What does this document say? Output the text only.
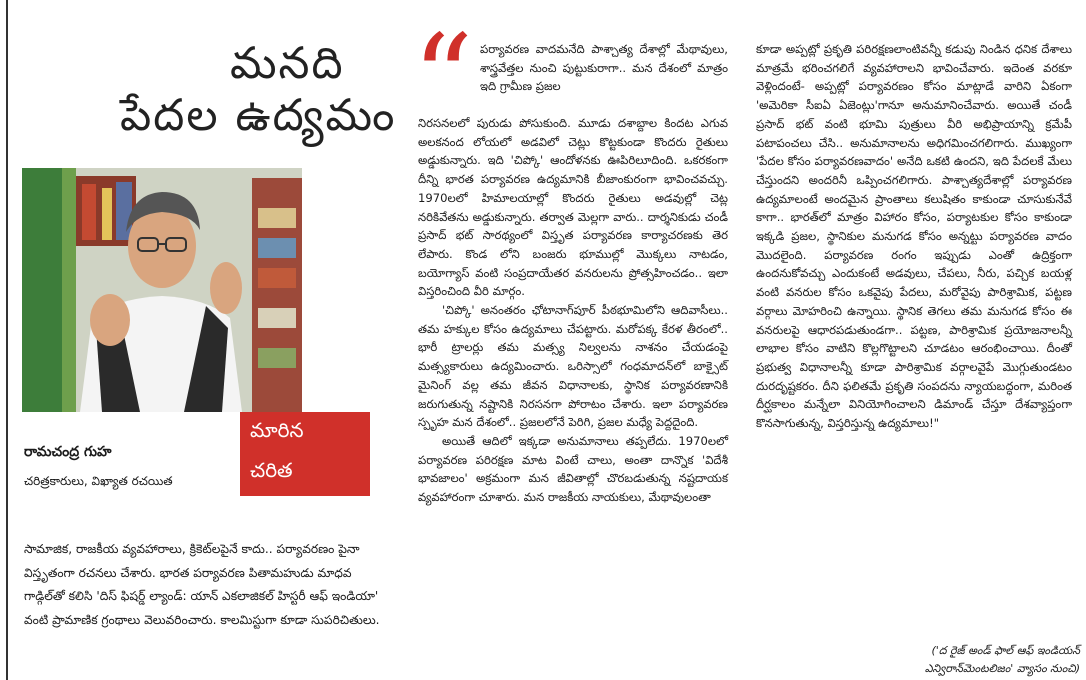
మనది
పేదల ఉద్యమం
మారిన
చరిత
రామచంద్ర గుహ
చరిత్రకారులు, విఖ్యాత రచయిత
సామాజిక, రాజకీయ వ్యవహారాలు, క్రికెట్‌లపైనే కాదు.. పర్యావరణం పైనా విస్తృతంగా రచనలు చేశారు. భారత పర్యావరణ పితామహుడు మాధవ గాడ్గిల్‌తో కలిసి 'దిస్ ఫిషర్డ్ ల్యాండ్: యాన్ ఎకలాజికల్ హిస్టరీ ఆఫ్ ఇండియా' వంటి ప్రామాణిక గ్రంథాలు వెలువరించారు. కాలమిస్టుగా కూడా సుపరిచితులు.
“ పర్యావరణ వాదమనేది పాశ్చాత్య దేశాల్లో మేథావులు, శాస్త్రవేత్తల నుంచి పుట్టుకురాగా.. మన దేశంలో మాత్రం ఇది గ్రామీణ ప్రజల

నిరసనలలో పురుడు పోసుకుంది. మూడు దశాబ్దాల కిందట ఎగువ అలకనంద లోయలో అడవిలో చెట్లు కొట్టకుండా కొందరు రైతులు అడ్డుకున్నారు. ఇది 'చిప్కో' ఆందోళనకు ఊపిరిలూదింది. ఒకరకంగా దీన్ని భారత పర్యావరణ ఉద్యమానికి బీజాంకురంగా భావించవచ్చు. 1970లలో హిమాలయాల్లో కొందరు రైతులు అడవుల్లో చెట్ల నరికివేతను అడ్డుకున్నారు. తర్వాత మెల్లగా వారు.. దార్శనికుడు చండీ ప్రసాద్ భట్ సారథ్యంలో విస్తృత పర్యావరణ కార్యాచరణకు తెర లేపారు. కొండ లోని బంజరు భూముల్లో మొక్కలు నాటడం, బయోగ్యాస్ వంటి సంప్రదాయేతర వనరులను ప్రోత్సహించడం.. ఇలా విస్తరించింది వీరి మార్గం.

'చిప్కో' అనంతరం ఛోటానాగ్‌పూర్ పీఠభూమిలోని ఆదివాసీలు.. తమ హక్కుల కోసం ఉద్యమాలు చేపట్టారు. మరోపక్క కేరళ తీరంలో.. భారీ ట్రాలర్లు తమ మత్స్య నిల్వలను నాశనం చేయడంపై మత్స్యకారులు ఉద్యమించారు. ఒరిస్సాలో గంధమాదన్‌లో బాక్సైట్ మైనింగ్ వల్ల తమ జీవన విధానాలకు, స్థానిక పర్యావరణానికి జరుగుతున్న నష్టానికి నిరసనగా పోరాటం చేశారు. ఇలా పర్యావరణ స్పృహ మన దేశంలో.. ప్రజలలోనే పెరిగి, ప్రజల మధ్యే పెద్దదైంది.

అయితే ఆదిలో ఇక్కడా అనుమానాలు తప్పలేదు. 1970లలో పర్యావరణ పరిరక్షణ మాట వింటే చాలు, అంతా దాన్నొక 'విదేశీ భావజాలం' అక్రమంగా మన జీవితాల్లో చొరబడుతున్న నష్టదాయక వ్యవహారంగా చూశారు. మన రాజకీయ నాయకులు, మేథావులంతా

కూడా అప్పట్లో ప్రకృతి పరిరక్షణలాంటివన్నీ కడుపు నిండిన ధనిక దేశాలు మాత్రమే భరించగలిగే వ్యవహారాలని భావించేవారు. ఇదెంత వరకూ వెళ్లిందంటే- అప్పట్లో పర్యావరణం కోసం మాట్లాడే వారిని ఏకంగా 'అమెరికా సీఐఏ ఏజెంట్లు'గానూ అనుమానించేవారు. అయితే చండీ ప్రసాద్ భట్ వంటి భూమి పుత్రులు వీరి అభిప్రాయాన్ని క్రమేపీ పటాపంచలు చేసి.. అనుమానాలను అధిగమించగలిగారు. ముఖ్యంగా 'పేదల కోసం పర్యావరణవాదం' అనేది ఒకటి ఉందని, ఇది పేదలకే మేలు చేస్తుందని అందరినీ ఒప్పించగలిగారు. పాశ్చాత్యదేశాల్లో పర్యావరణ ఉద్యమాలంటే అందమైన ప్రాంతాలు కలుషితం కాకుండా చూసుకునేవే కాగా.. భారత్‌లో మాత్రం విహారం కోసం, పర్యాటకుల కోసం కాకుండా ఇక్కడి ప్రజల, స్థానికుల మనుగడ కోసం అన్నట్టు పర్యావరణ వాదం మొదలైంది. పర్యావరణ రంగం ఇప్పుడు ఎంతో ఉద్రిక్తంగా ఉందనుకోవచ్చు ఎందుకంటే అడవులు, చేపలు, నీరు, పచ్చిక బయళ్ల వంటి వనరుల కోసం ఒకవైపు పేదలు, మరోవైపు పారిశ్రామిక, పట్టణ వర్గాలు మోహరించి ఉన్నాయి. స్థానిక తెగలు తమ మనుగడ కోసం ఈ వనరులపై ఆధారపడుతుండగా.. పట్టణ, పారిశ్రామిక ప్రయోజనాలన్నీ లాభాల కోసం వాటిని కొల్లగొట్టాలని చూడటం ఆరంభించాయి. దీంతో ప్రభుత్వ విధానాలన్నీ కూడా పారిశ్రామిక వర్గాలవైపే మొగ్గుతుండటం దురదృష్టకరం. దీని ఫలితమే ప్రకృతి సంపదను న్యాయబద్ధంగా, మరింత దీర్ఘకాలం మన్నేలా వినియోగించాలని డిమాండ్ చేస్తూ దేశవ్యాప్తంగా కొనసాగుతున్న, విస్తరిస్తున్న ఉద్యమాలు!"

('ద రైజ్ అండ్ ఫాల్ ఆఫ్ ఇండియన్
ఎన్విరాన్‌మెంటలిజం' వ్యాసం నుంచి)
